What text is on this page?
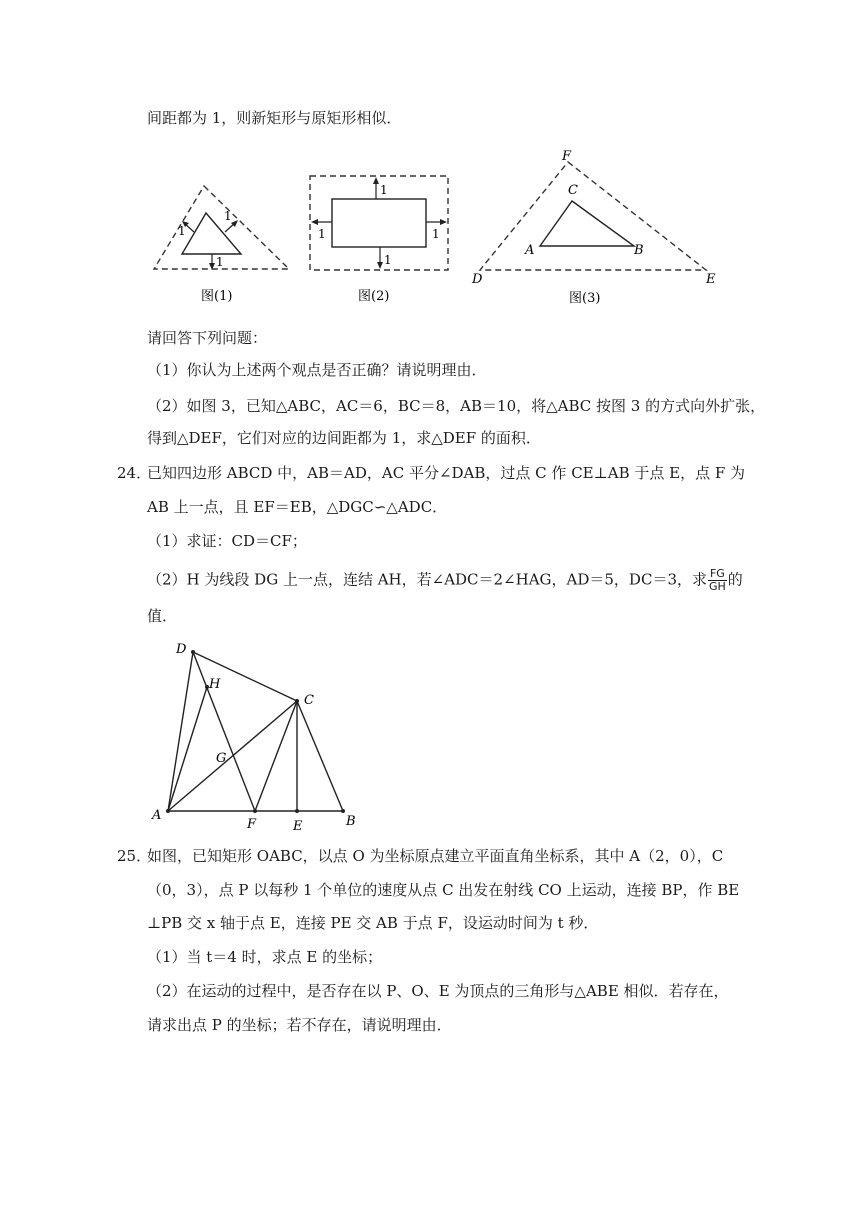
间距都为 1，则新矩形与原矩形相似．
1
1
1
图(1)
1
1
1	1
图(2)
F
C
A	B
D	E
图(3)
请回答下列问题：
（1）你认为上述两个观点是否正确？请说明理由．
（2）如图 3，已知△ABC，AC＝6，BC＝8，AB＝10，将△ABC 按图 3 的方式向外扩张，
得到△DEF，它们对应的边间距都为 1，求△DEF 的面积．
24．
已知四边形 ABCD 中，AB＝AD，AC 平分∠DAB，过点 C 作 CE⊥AB 于点 E，点 F 为
AB 上一点，且 EF＝EB，△DGC∽△ADC．
（1）求证：CD＝CF；
（2）H 为线段 DG 上一点，连结 AH，若∠ADC＝2∠HAG，AD＝5，DC＝3，求 $\frac{FG}{GH}$ 的
值．
D
H
C
G
A
F	E	B
25．
如图，已知矩形 OABC，以点 O 为坐标原点建立平面直角坐标系，其中 A（2，0），C
（0，3），点 P 以每秒 1 个单位的速度从点 C 出发在射线 CO 上运动，连接 BP，作 BE
⊥PB 交 x 轴于点 E，连接 PE 交 AB 于点 F，设运动时间为 t 秒．
（1）当 t＝4 时，求点 E 的坐标；
（2）在运动的过程中，是否存在以 P、O、E 为顶点的三角形与△ABE 相似．若存在，
请求出点 P 的坐标；若不存在，请说明理由．
